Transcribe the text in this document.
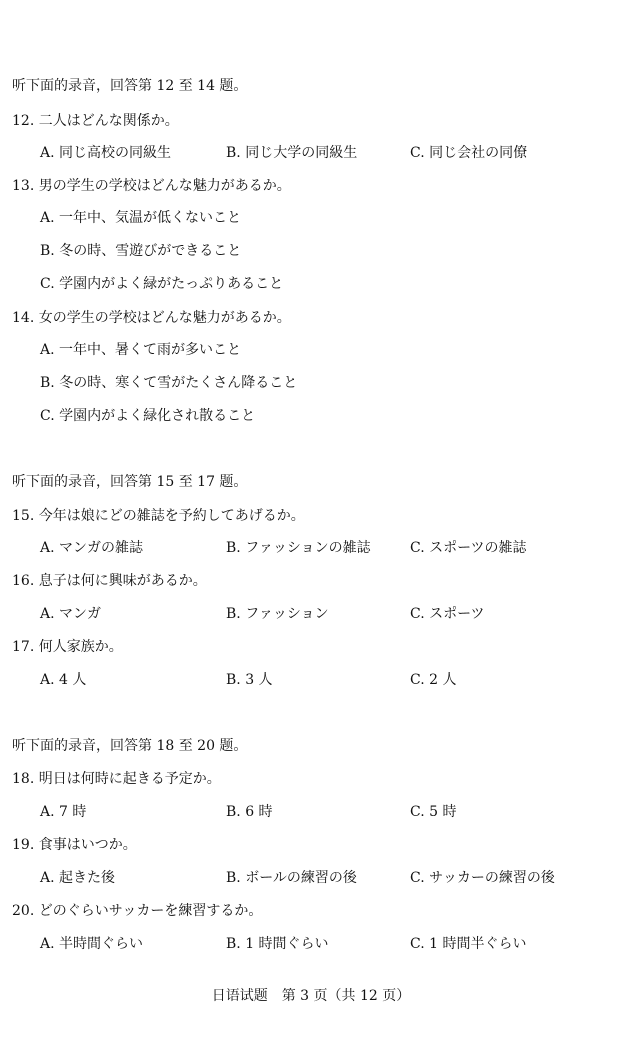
听下面的录音，回答第 12 至 14 题。
12. 二人はどんな関係か。
A. 同じ高校の同級生	B. 同じ大学の同級生	C. 同じ会社の同僚
13. 男の学生の学校はどんな魅力があるか。
A. 一年中、気温が低くないこと
B. 冬の時、雪遊びができること
C. 学園内がよく緑がたっぷりあること
14. 女の学生の学校はどんな魅力があるか。
A. 一年中、暑くて雨が多いこと
B. 冬の時、寒くて雪がたくさん降ること
C. 学園内がよく緑化され散ること
听下面的录音，回答第 15 至 17 题。
15. 今年は娘にどの雑誌を予約してあげるか。
A. マンガの雑誌	B. ファッションの雑誌	C. スポーツの雑誌
16. 息子は何に興味があるか。
A. マンガ	B. ファッション	C. スポーツ
17. 何人家族か。
A. 4 人	B. 3 人	C. 2 人
听下面的录音，回答第 18 至 20 题。
18. 明日は何時に起きる予定か。
A. 7 時	B. 6 時	C. 5 時
19. 食事はいつか。
A. 起きた後	B. ボールの練習の後	C. サッカーの練習の後
20. どのぐらいサッカーを練習するか。
A. 半時間ぐらい	B. 1 時間ぐらい	C. 1 時間半ぐらい
日语试题　第 3 页（共 12 页）
